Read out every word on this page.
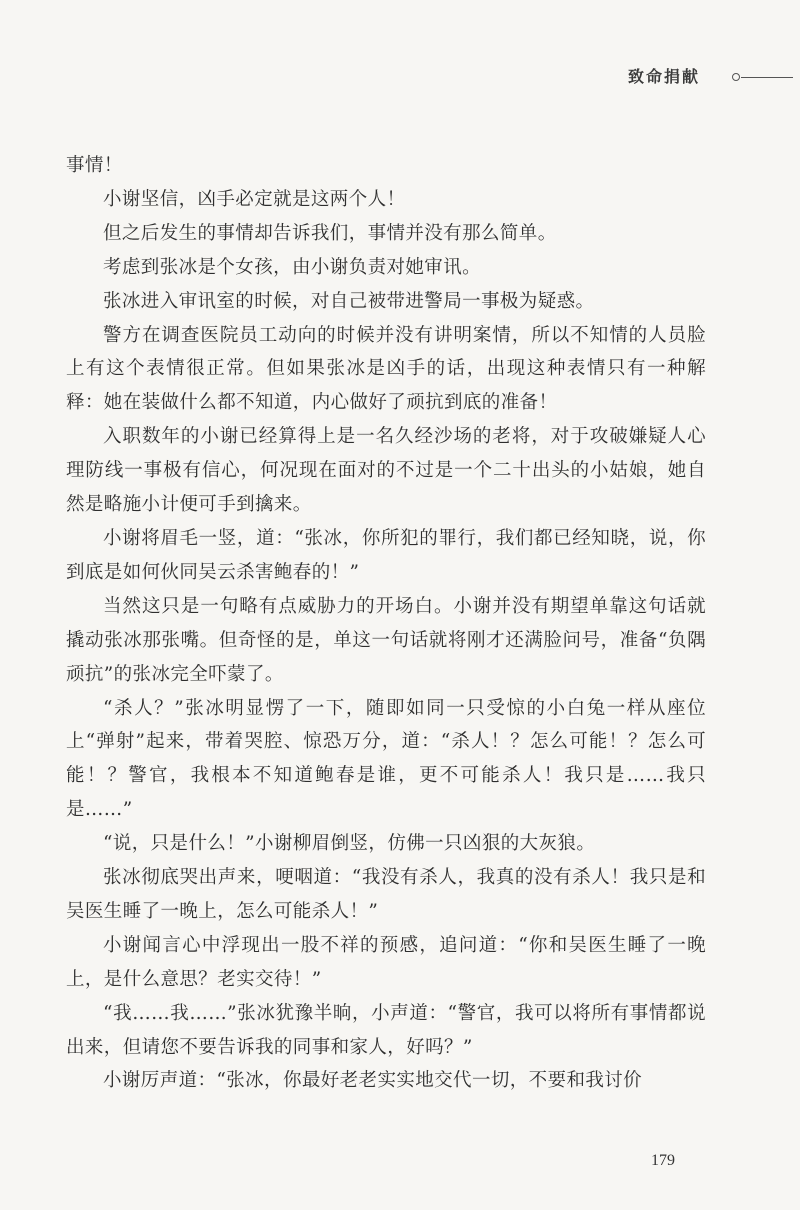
致命捐献

事情！

小谢坚信，凶手必定就是这两个人！

但之后发生的事情却告诉我们，事情并没有那么简单。

考虑到张冰是个女孩，由小谢负责对她审讯。

张冰进入审讯室的时候，对自己被带进警局一事极为疑惑。

警方在调查医院员工动向的时候并没有讲明案情，所以不知情的人员脸上有这个表情很正常。但如果张冰是凶手的话，出现这种表情只有一种解释：她在装做什么都不知道，内心做好了顽抗到底的准备！

入职数年的小谢已经算得上是一名久经沙场的老将，对于攻破嫌疑人心理防线一事极有信心，何况现在面对的不过是一个二十出头的小姑娘，她自然是略施小计便可手到擒来。

小谢将眉毛一竖，道：“张冰，你所犯的罪行，我们都已经知晓，说，你到底是如何伙同吴云杀害鲍春的！”

当然这只是一句略有点威胁力的开场白。小谢并没有期望单靠这句话就撬动张冰那张嘴。但奇怪的是，单这一句话就将刚才还满脸问号，准备“负隅顽抗”的张冰完全吓蒙了。

“杀人？”张冰明显愣了一下，随即如同一只受惊的小白兔一样从座位上“弹射”起来，带着哭腔、惊恐万分，道：“杀人！？怎么可能！？怎么可能！？警官，我根本不知道鲍春是谁，更不可能杀人！我只是……我只是……”

“说，只是什么！”小谢柳眉倒竖，仿佛一只凶狠的大灰狼。

张冰彻底哭出声来，哽咽道：“我没有杀人，我真的没有杀人！我只是和吴医生睡了一晚上，怎么可能杀人！”

小谢闻言心中浮现出一股不祥的预感，追问道：“你和吴医生睡了一晚上，是什么意思？老实交待！”

“我……我……”张冰犹豫半晌，小声道：“警官，我可以将所有事情都说出来，但请您不要告诉我的同事和家人，好吗？”

小谢厉声道：“张冰，你最好老老实实地交代一切，不要和我讨价

179
